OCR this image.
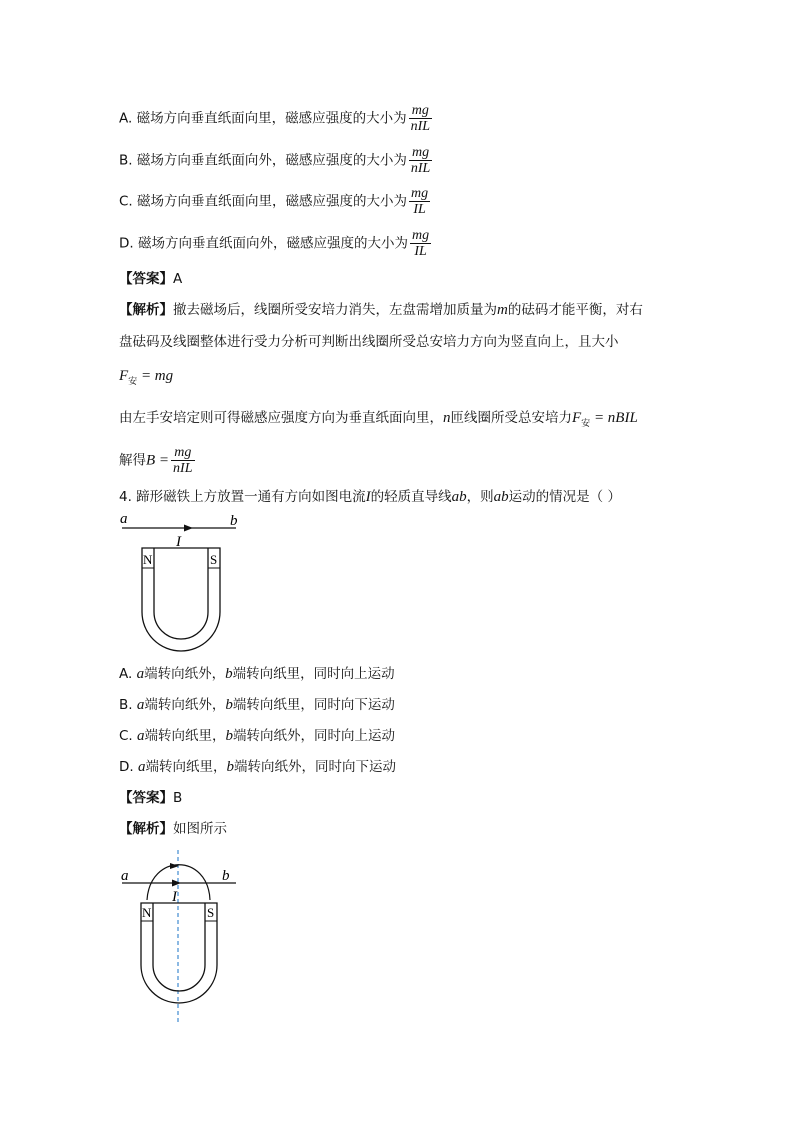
A. 磁场方向垂直纸面向里，磁感应强度的大小为 $\frac{mg}{\text{nIL}}$
B. 磁场方向垂直纸面向外，磁感应强度的大小为 $\frac{mg}{\text{nIL}}$
C. 磁场方向垂直纸面向里，磁感应强度的大小为 $\frac{mg}{IL}$
D. 磁场方向垂直纸面向外，磁感应强度的大小为 $\frac{mg}{IL}$
【答案】A
【解析】撤去磁场后，线圈所受安培力消失，左盘需增加质量为m的砝码才能平衡，对右
盘砝码及线圈整体进行受力分析可判断出线圈所受总安培力方向为竖直向上，且大小
$F_安$ = mg
由左手安培定则可得磁感应强度方向为垂直纸面向里，n匝线圈所受总安培力$F_安$ = nBIL
解得$B = \frac{mg}{\text{nIL}}$
4. 蹄形磁铁上方放置一通有方向如图电流I的轻质直导线ab，则ab运动的情况是（ ）
a	b
I
N	S
A. a端转向纸外，b端转向纸里，同时向上运动
B. a端转向纸外，b端转向纸里，同时向下运动
C. a端转向纸里，b端转向纸外，同时向上运动
D. a端转向纸里，b端转向纸外，同时向下运动
【答案】B
【解析】如图所示
a	b
I
N	S
